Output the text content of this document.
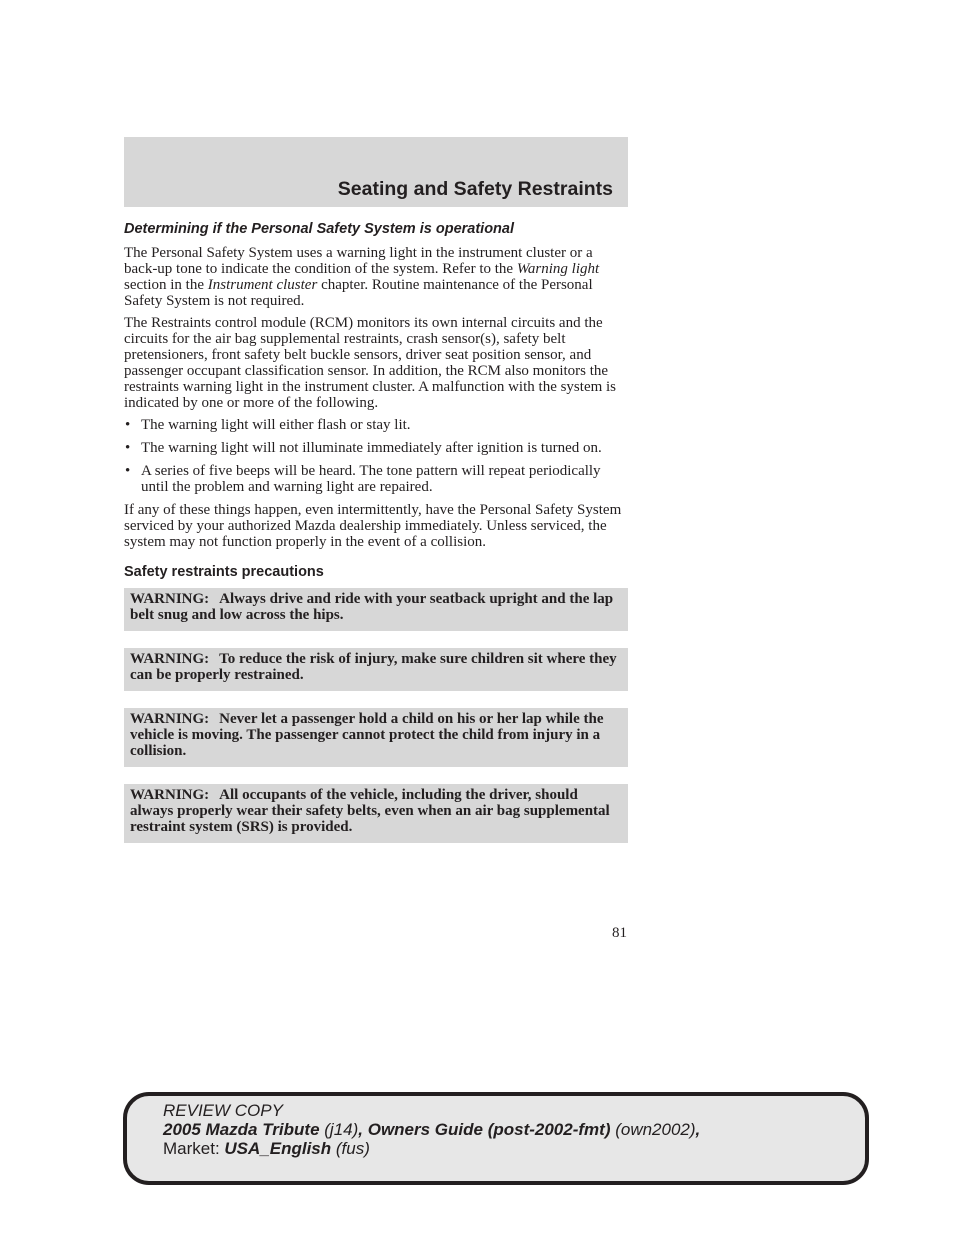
Seating and Safety Restraints
Determining if the Personal Safety System is operational

The Personal Safety System uses a warning light in the instrument cluster or a back-up tone to indicate the condition of the system. Refer to the Warning light section in the Instrument cluster chapter. Routine maintenance of the Personal Safety System is not required.

The Restraints control module (RCM) monitors its own internal circuits and the circuits for the air bag supplemental restraints, crash sensor(s), safety belt pretensioners, front safety belt buckle sensors, driver seat position sensor, and passenger occupant classification sensor. In addition, the RCM also monitors the restraints warning light in the instrument cluster. A malfunction with the system is indicated by one or more of the following.

• The warning light will either flash or stay lit.
• The warning light will not illuminate immediately after ignition is turned on.
• A series of five beeps will be heard. The tone pattern will repeat periodically until the problem and warning light are repaired.

If any of these things happen, even intermittently, have the Personal Safety System serviced by your authorized Mazda dealership immediately. Unless serviced, the system may not function properly in the event of a collision.

Safety restraints precautions
WARNING: Always drive and ride with your seatback upright and the lap belt snug and low across the hips.
WARNING: To reduce the risk of injury, make sure children sit where they can be properly restrained.
WARNING: Never let a passenger hold a child on his or her lap while the vehicle is moving. The passenger cannot protect the child from injury in a collision.
WARNING: All occupants of the vehicle, including the driver, should always properly wear their safety belts, even when an air bag supplemental restraint system (SRS) is provided.
81
REVIEW COPY
2005 Mazda Tribute (j14), Owners Guide (post-2002-fmt) (own2002),
Market: USA_English (fus)
